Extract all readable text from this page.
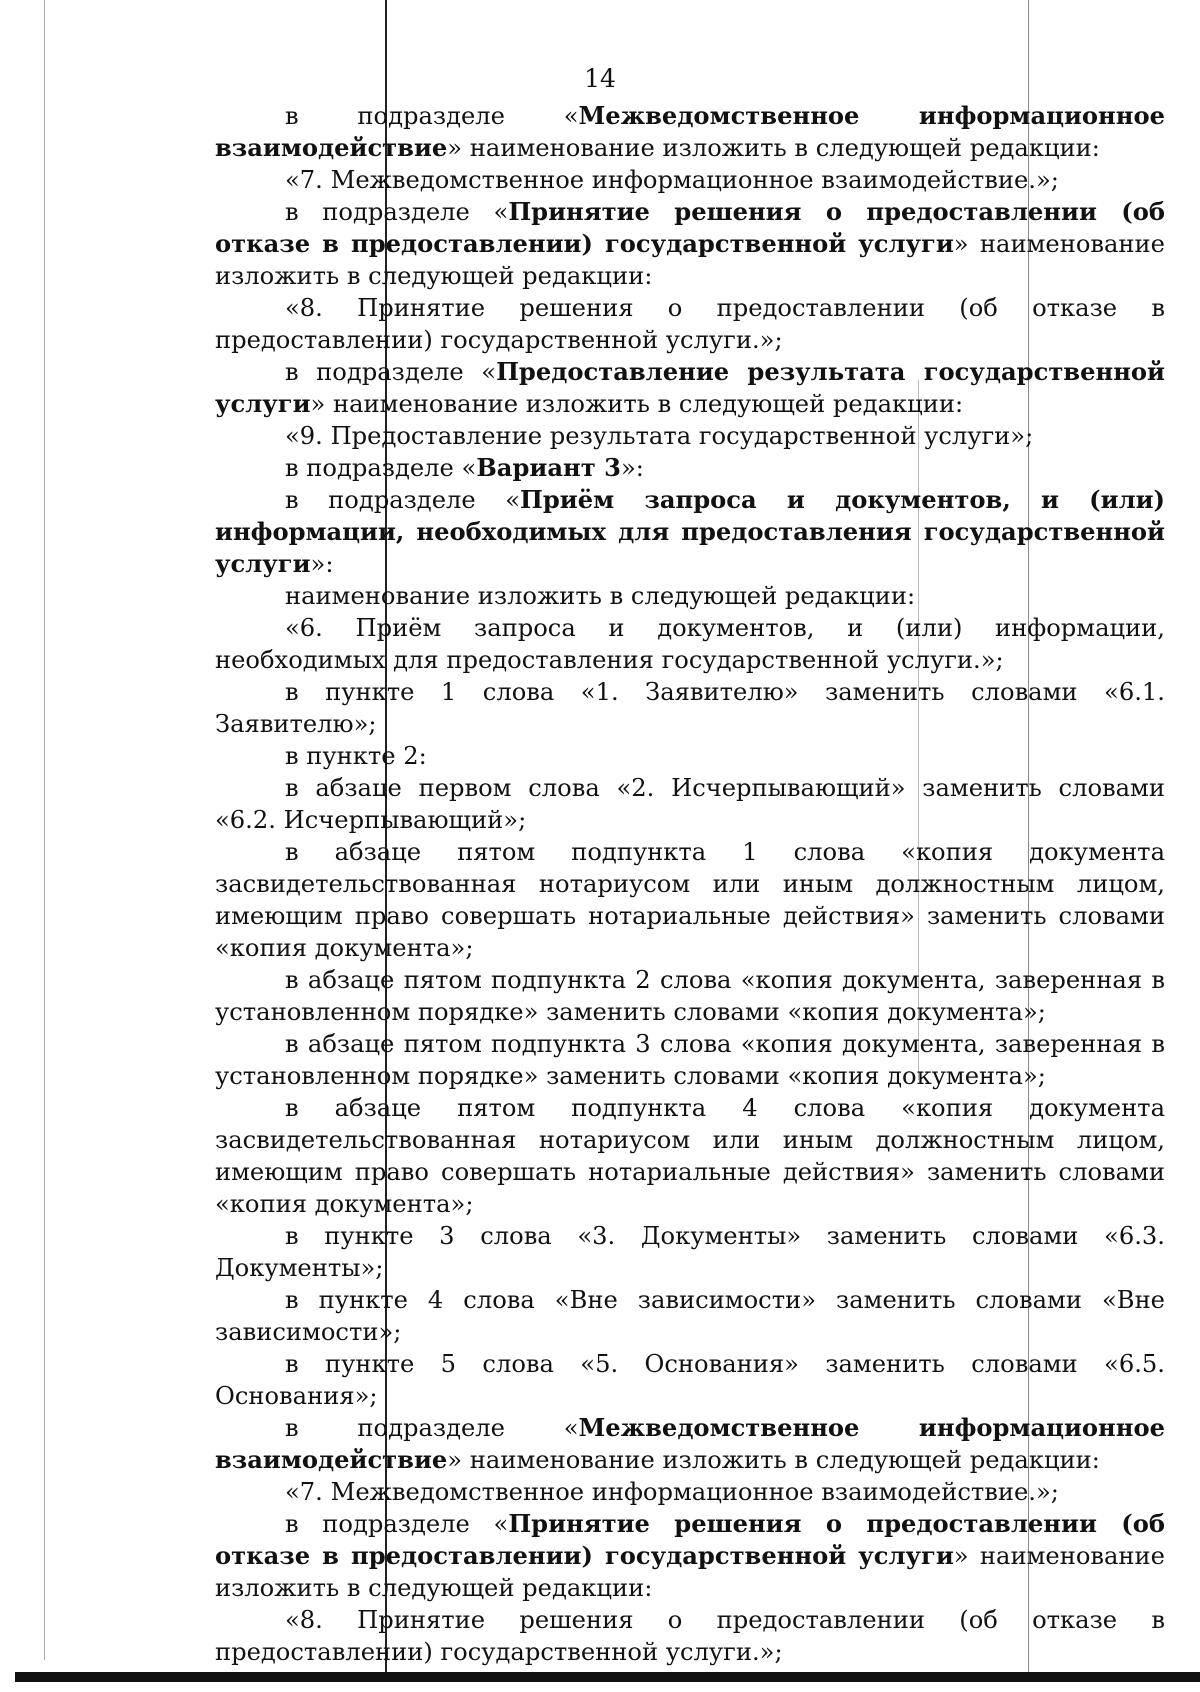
14

в подразделе «Межведомственное информационное взаимодействие» наименование изложить в следующей редакции:

«7. Межведомственное информационное взаимодействие.»;

в подразделе «Принятие решения о предоставлении (об отказе в предоставлении) государственной услуги» наименование изложить в следующей редакции:

«8. Принятие решения о предоставлении (об отказе в предоставлении) государственной услуги.»;

в подразделе «Предоставление результата государственной услуги» наименование изложить в следующей редакции:

«9. Предоставление результата государственной услуги»;

в подразделе «Вариант 3»:

в подразделе «Приём запроса и документов, и (или) информации, необходимых для предоставления государственной услуги»:

наименование изложить в следующей редакции:

«6. Приём запроса и документов, и (или) информации, необходимых для предоставления государственной услуги.»;

в пункте 1 слова «1. Заявителю» заменить словами «6.1. Заявителю»;

в пункте 2:

в абзаце первом слова «2. Исчерпывающий» заменить словами «6.2. Исчерпывающий»;

в абзаце пятом подпункта 1 слова «копия документа засвидетельствованная нотариусом или иным должностным лицом, имеющим право совершать нотариальные действия» заменить словами «копия документа»;

в абзаце пятом подпункта 2 слова «копия документа, заверенная в установленном порядке» заменить словами «копия документа»;

в абзаце пятом подпункта 3 слова «копия документа, заверенная в установленном порядке» заменить словами «копия документа»;

в абзаце пятом подпункта 4 слова «копия документа засвидетельствованная нотариусом или иным должностным лицом, имеющим право совершать нотариальные действия» заменить словами «копия документа»;

в пункте 3 слова «3. Документы» заменить словами «6.3. Документы»;

в пункте 4 слова «Вне зависимости» заменить словами «Вне зависимости»;

в пункте 5 слова «5. Основания» заменить словами «6.5. Основания»;

в подразделе «Межведомственное информационное взаимодействие» наименование изложить в следующей редакции:

«7. Межведомственное информационное взаимодействие.»;

в подразделе «Принятие решения о предоставлении (об отказе в предоставлении) государственной услуги» наименование изложить в следующей редакции:

«8. Принятие решения о предоставлении (об отказе в предоставлении) государственной услуги.»;
